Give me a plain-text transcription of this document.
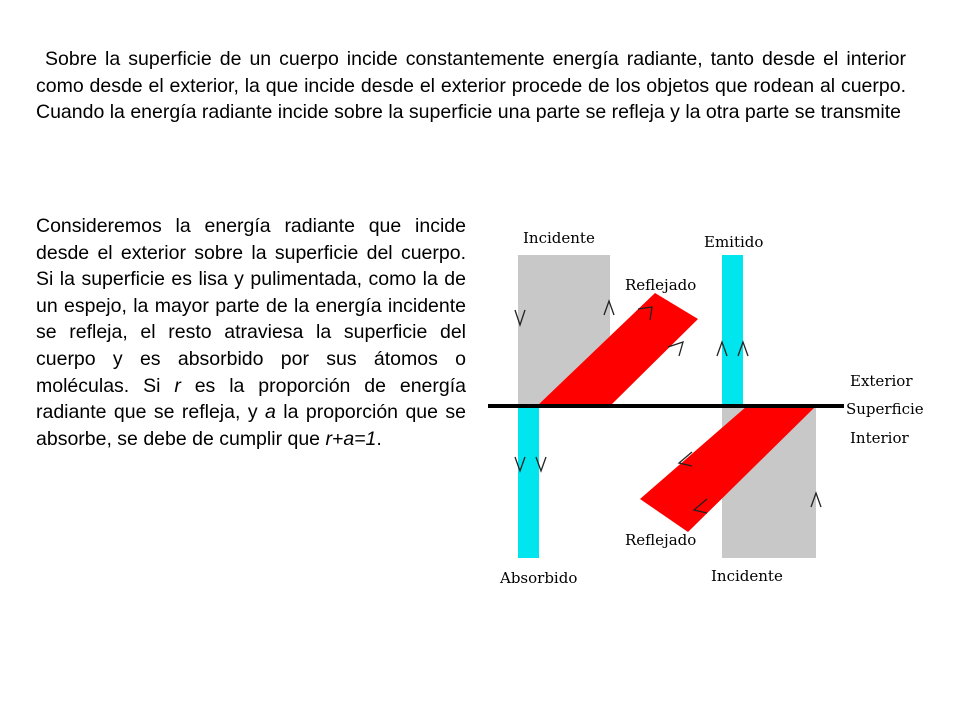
Sobre la superficie de un cuerpo incide constantemente energía radiante, tanto desde el interior como desde el exterior, la que incide desde el exterior procede de los objetos que rodean al cuerpo. Cuando la energía radiante incide sobre la superficie una parte se refleja y la otra parte se transmite

Consideremos la energía radiante que incide desde el exterior sobre la superficie del cuerpo. Si la superficie es lisa y pulimentada, como la de un espejo, la mayor parte de la energía incidente se refleja, el resto atraviesa la superficie del cuerpo y es absorbido por sus átomos o moléculas. Si r es la proporción de energía radiante que se refleja, y a la proporción que se absorbe, se debe de cumplir que r+a=1.

Incidente	Emitido
Reflejado
Exterior
Superficie
Interior
Reflejado
Absorbido	Incidente
